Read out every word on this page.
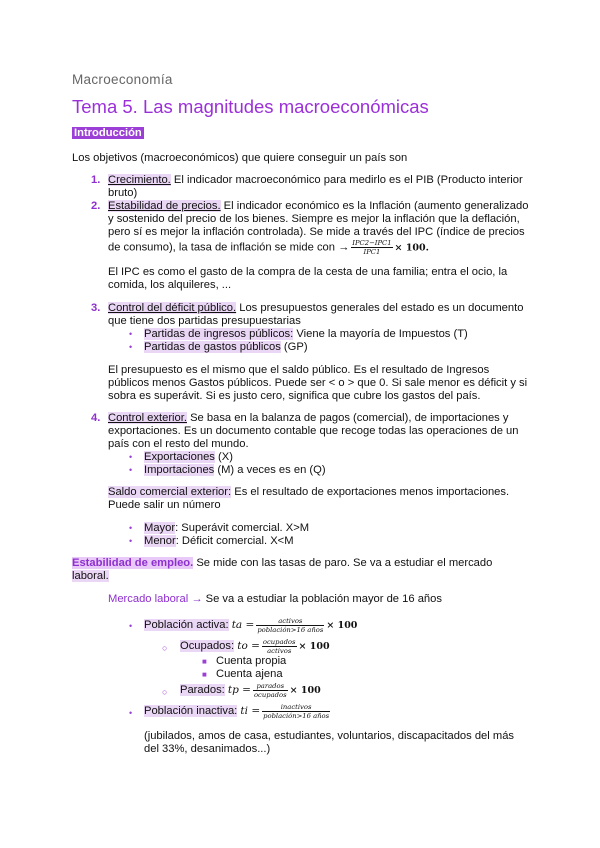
Macroeconomía
Tema 5. Las magnitudes macroeconómicas
Introducción
Los objetivos (macroeconómicos) que quiere conseguir un país son
1. Crecimiento. El indicador macroeconómico para medirlo es el PIB (Producto interior
bruto)
2. Estabilidad de precios. El indicador económico es la Inflación (aumento generalizado
y sostenido del precio de los bienes. Siempre es mejor la inflación que la deflación,
pero sí es mejor la inflación controlada). Se mide a través del IPC (índice de precios
de consumo), la tasa de inflación se mide con → $\frac{\text{IPC2−IPC1}}{\text{IPC1}} \times 100$.
El IPC es como el gasto de la compra de la cesta de una familia; entra el ocio, la
comida, los alquileres, ...
3. Control del déficit público. Los presupuestos generales del estado es un documento
que tiene dos partidas presupuestarias
• Partidas de ingresos públicos: Viene la mayoría de Impuestos (T)
• Partidas de gastos públicos (GP)
El presupuesto es el mismo que el saldo público. Es el resultado de Ingresos
públicos menos Gastos públicos. Puede ser < o > que 0. Si sale menor es déficit y si
sobra es superávit. Si es justo cero, significa que cubre los gastos del país.
4. Control exterior. Se basa en la balanza de pagos (comercial), de importaciones y
exportaciones. Es un documento contable que recoge todas las operaciones de un
país con el resto del mundo.
• Exportaciones (X)
• Importaciones (M) a veces es en (Q)
Saldo comercial exterior: Es el resultado de exportaciones menos importaciones.
Puede salir un número
• Mayor: Superávit comercial. X>M
• Menor: Déficit comercial. X<M
Estabilidad de empleo. Se mide con las tasas de paro. Se va a estudiar el mercado
laboral.
Mercado laboral → Se va a estudiar la población mayor de 16 años
• Población activa: ta = $\frac{\text{activos}}{\text{población>16 años}} \times 100$
○ Ocupados: to = $\frac{\text{ocupados}}{\text{activos}} \times 100$
■ Cuenta propia
■ Cuenta ajena
○ Parados: tp = $\frac{\text{parados}}{\text{ocupados}} \times 100$
• Población inactiva: ti = $\frac{\text{inactivos}}{\text{población>16 años}}$
(jubilados, amos de casa, estudiantes, voluntarios, discapacitados del más
del 33%, desanimados...)
